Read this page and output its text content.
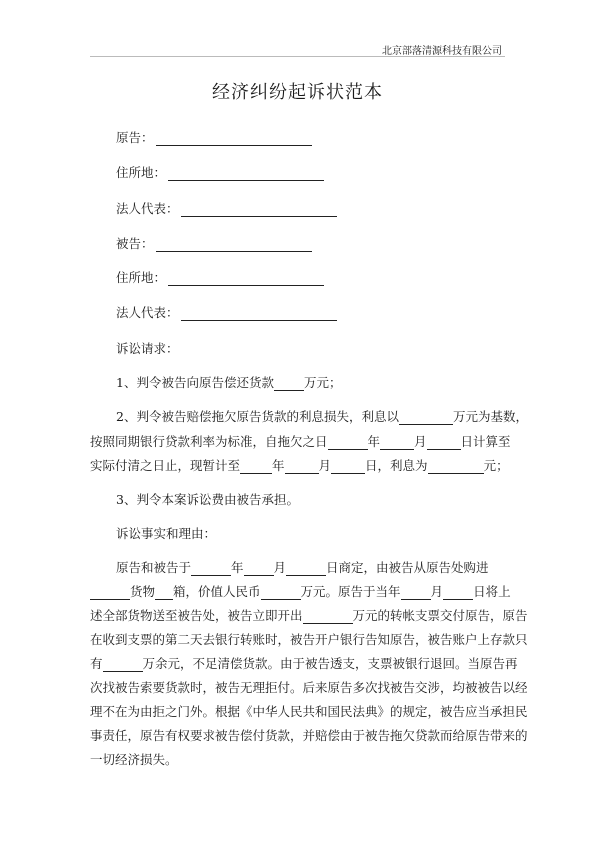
北京部落清源科技有限公司
经济纠纷起诉状范本
原告：
住所地：
法人代表：
被告：
住所地：
法人代表：
诉讼请求：
1、判令被告向原告偿还货款 万元；
2、判令被告赔偿拖欠原告货款的利息损失，利息以	万元为基数，
按照同期银行贷款利率为标准，自拖欠之日	年	月	日计算至
实际付清之日止，现暂计至	年	月	日，利息为	元；
3、判令本案诉讼费由被告承担。
诉讼事实和理由：
原告和被告于	年 月	日商定，由被告从原告处购进
货物 箱，价值人民币	万元。原告于当年 月 日将上
述全部货物送至被告处，被告立即开出	万元的转帐支票交付原告，原告
在收到支票的第二天去银行转账时，被告开户银行告知原告，被告账户上存款只
有	万余元，不足清偿货款。由于被告透支，支票被银行退回。当原告再
次找被告索要货款时，被告无理拒付。后来原告多次找被告交涉，均被被告以经
理不在为由拒之门外。根据《中华人民共和国民法典》的规定，被告应当承担民
事责任，原告有权要求被告偿付货款，并赔偿由于被告拖欠贷款而给原告带来的
一切经济损失。
